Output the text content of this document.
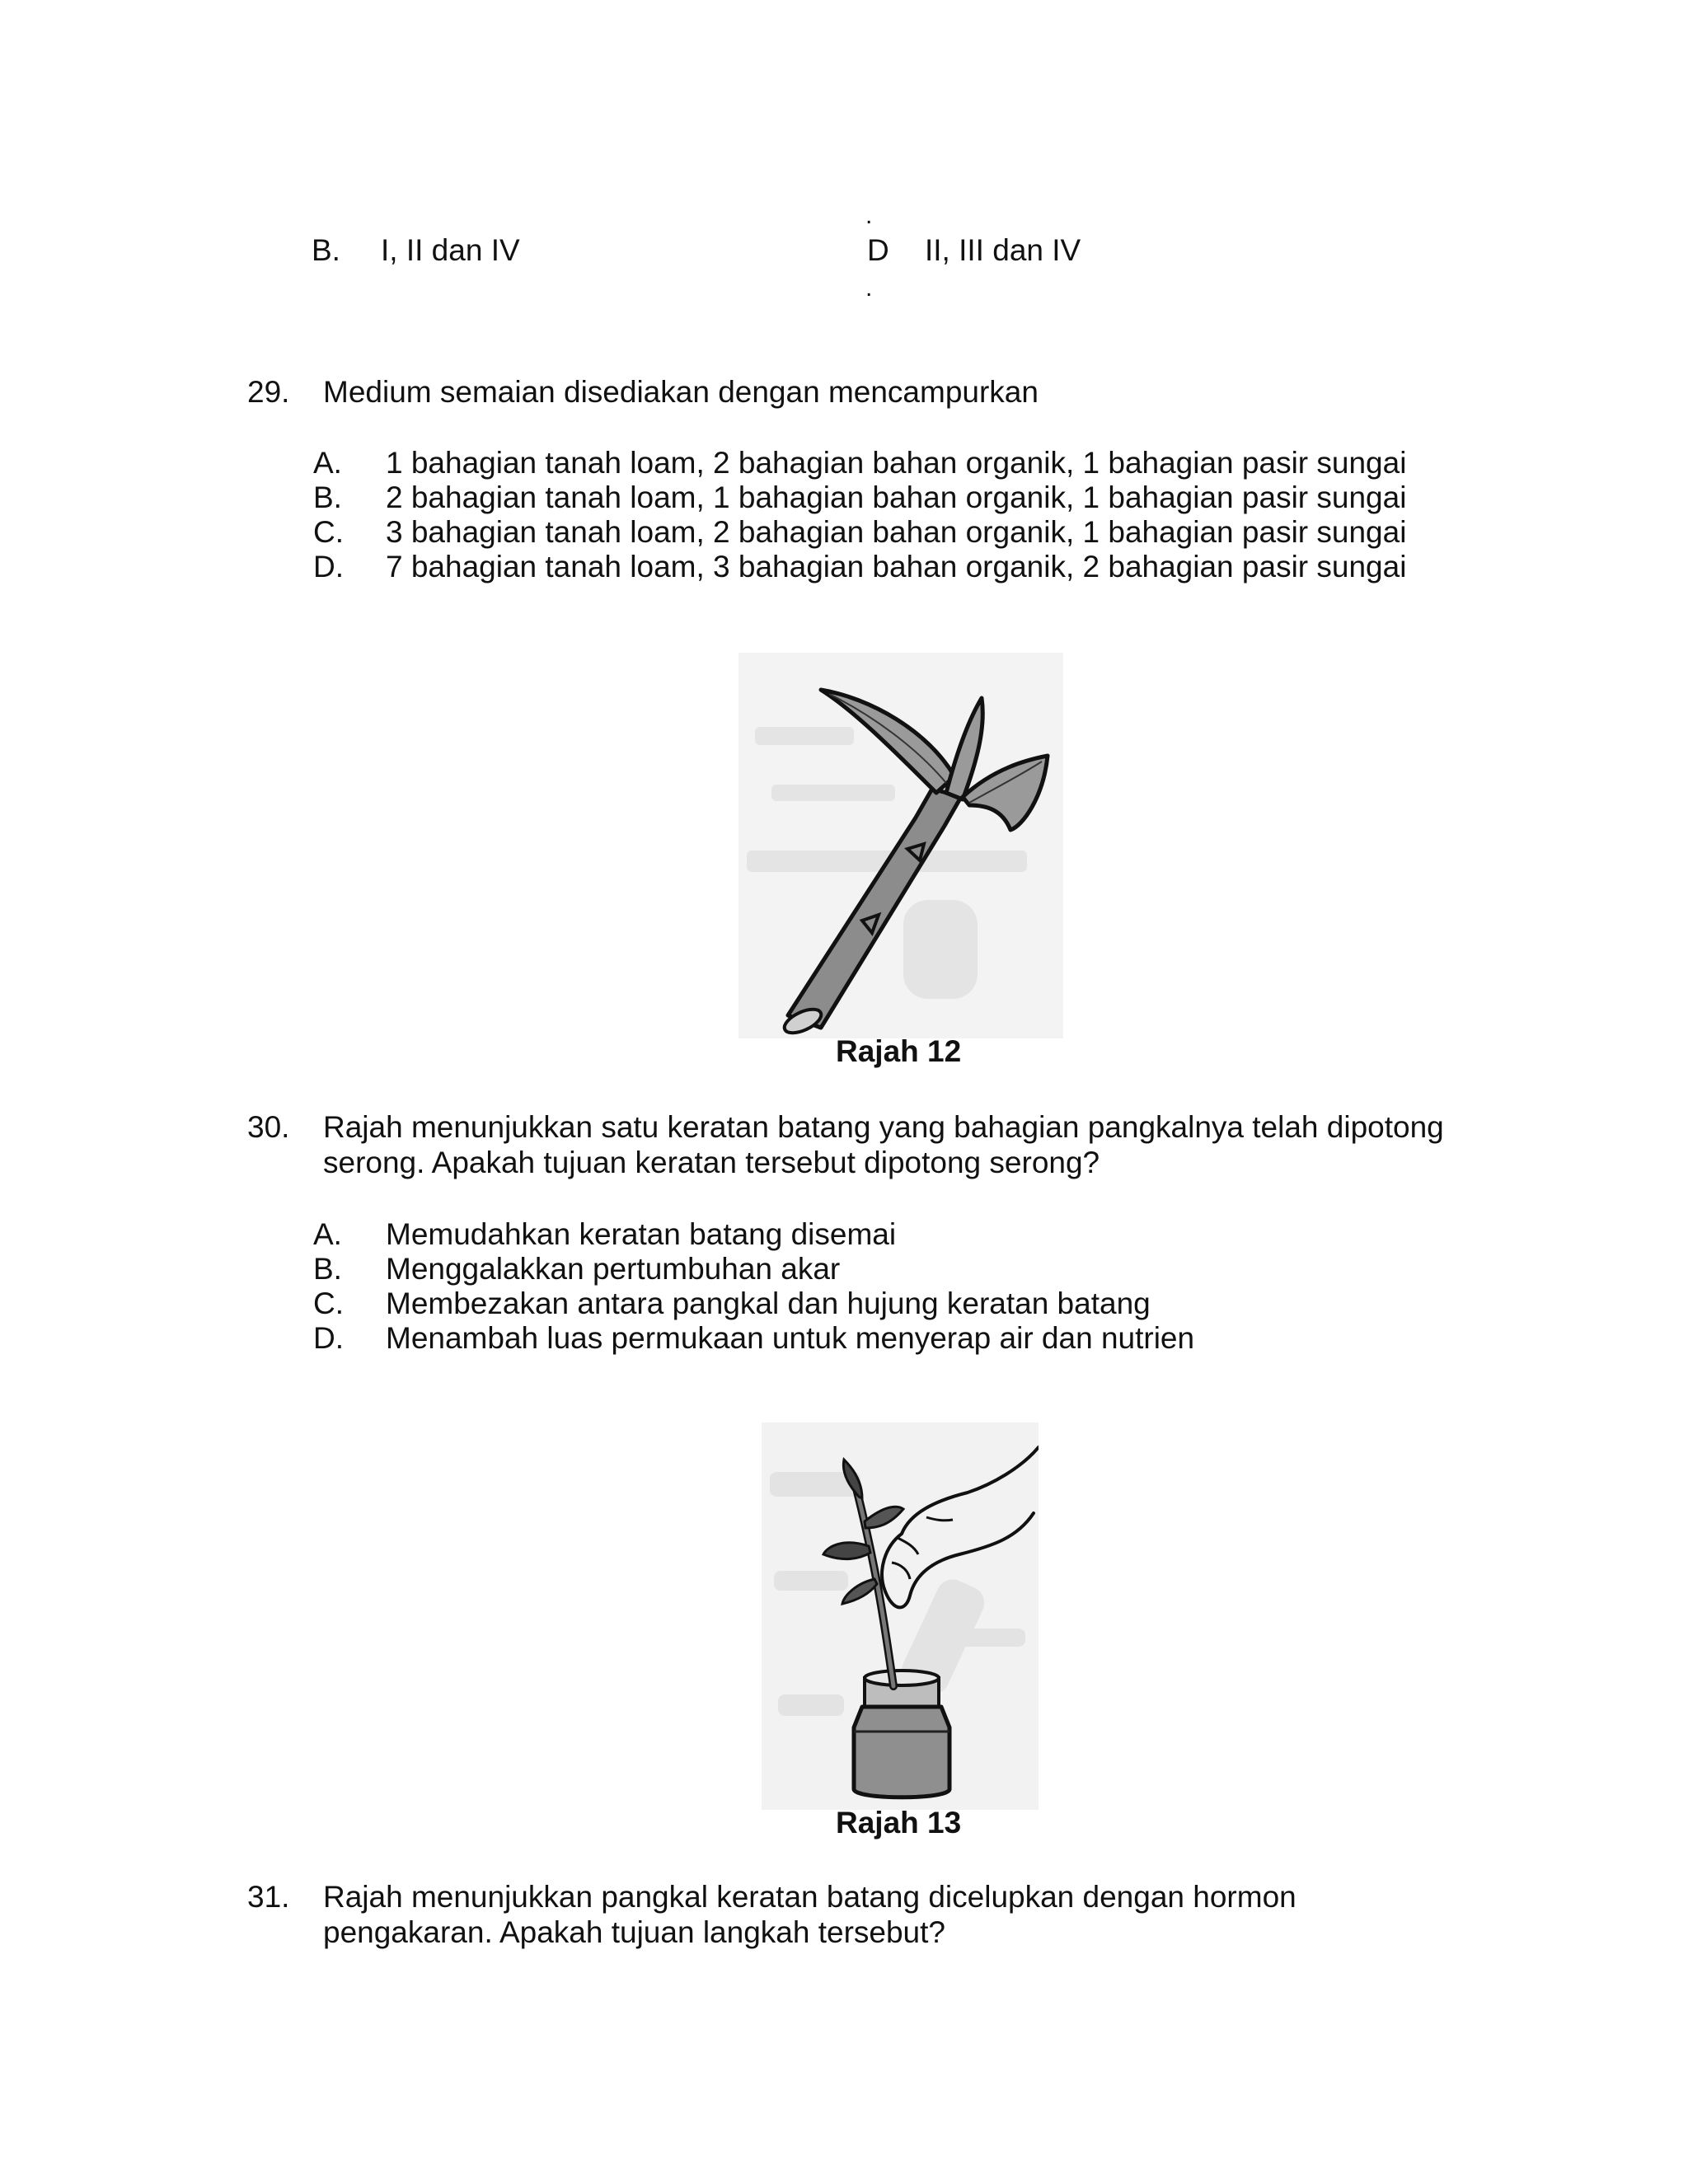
B. I, II dan IV
.
D
.
II, III dan IV
29. Medium semaian disediakan dengan mencampurkan
A. 1 bahagian tanah loam, 2 bahagian bahan organik, 1 bahagian pasir sungai
B. 2 bahagian tanah loam, 1 bahagian bahan organik, 1 bahagian pasir sungai
C. 3 bahagian tanah loam, 2 bahagian bahan organik, 1 bahagian pasir sungai
D. 7 bahagian tanah loam, 3 bahagian bahan organik, 2 bahagian pasir sungai
Rajah 12
30. Rajah menunjukkan satu keratan batang yang bahagian pangkalnya telah dipotong
serong. Apakah tujuan keratan tersebut dipotong serong?
A. Memudahkan keratan batang disemai
B. Menggalakkan pertumbuhan akar
C. Membezakan antara pangkal dan hujung keratan batang
D. Menambah luas permukaan untuk menyerap air dan nutrien
Rajah 13
31. Rajah menunjukkan pangkal keratan batang dicelupkan dengan hormon
pengakaran. Apakah tujuan langkah tersebut?
